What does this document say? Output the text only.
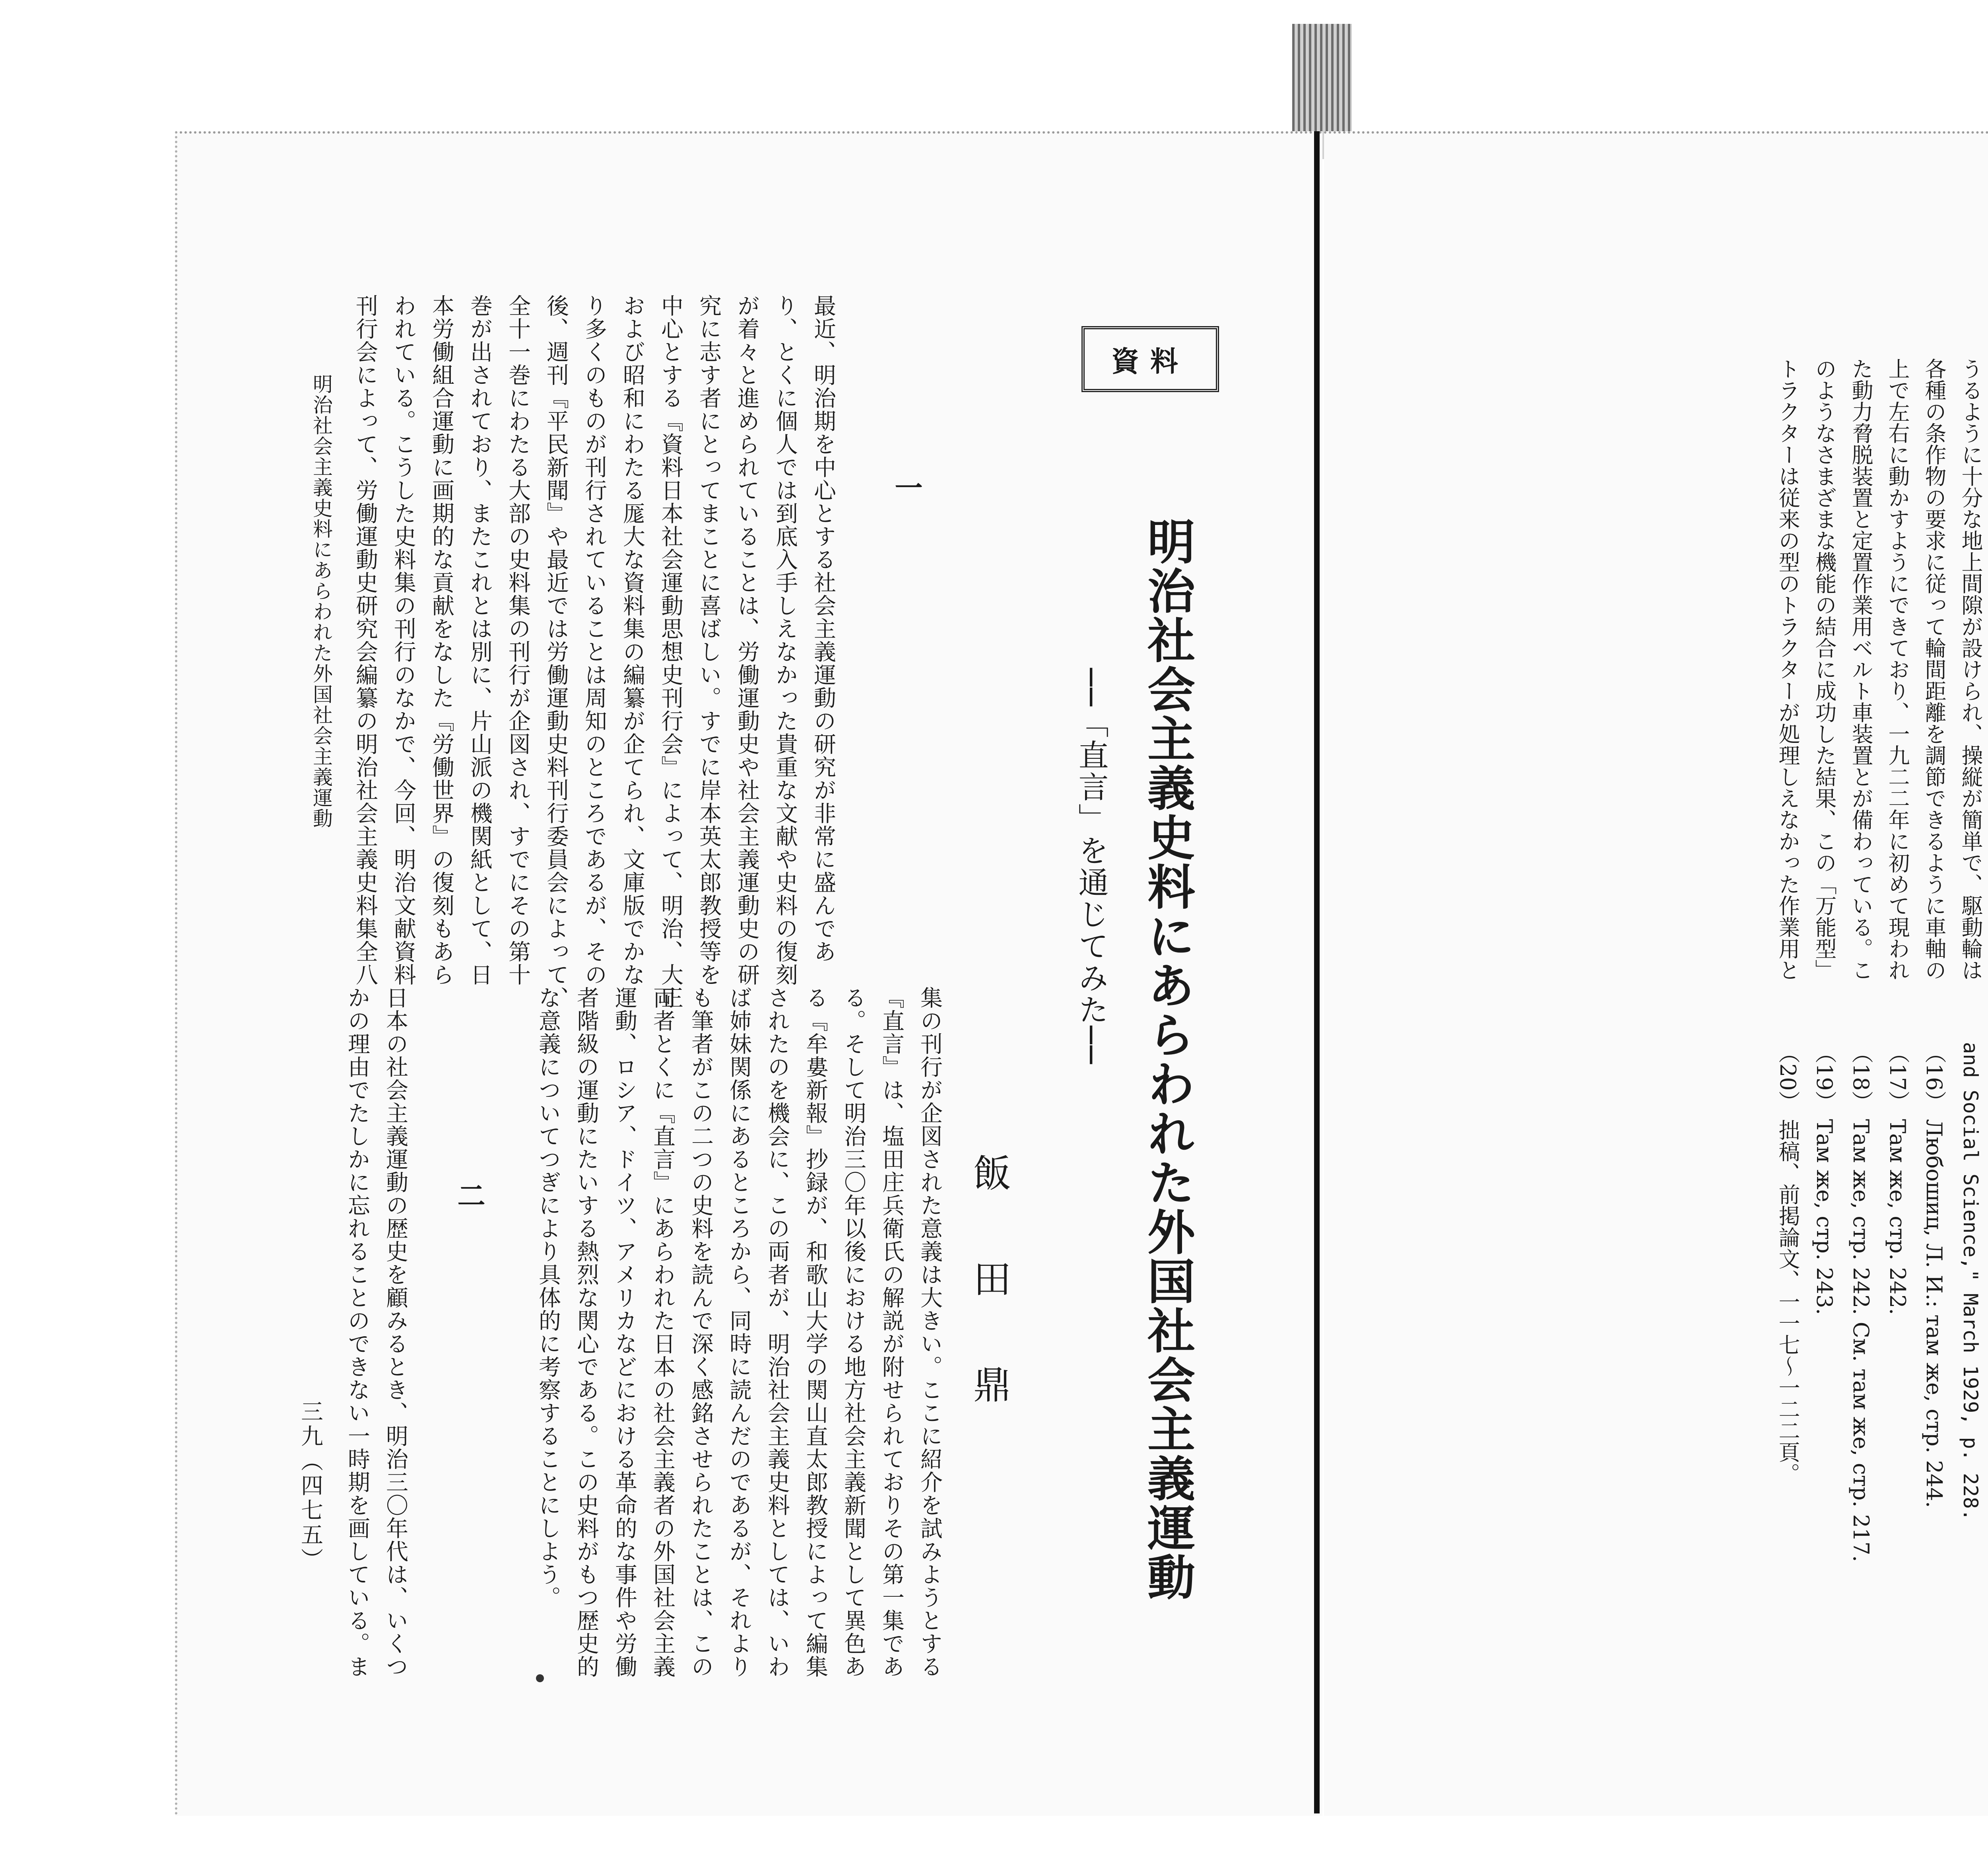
資料
明治社会主義史料にあらわれた外国社会主義運動
──「直言」を通じてみた──
飯田鼎
一

最近、明治期を中心とする社会主義運動の研究が非常に盛んであ

り、とくに個人では到底入手しえなかった貴重な文献や史料の復刻

が着々と進められていることは、労働運動史や社会主義運動史の研

究に志す者にとってまことに喜ばしい。すでに岸本英太郎教授等を

中心とする『資料日本社会運動思想史刊行会』によって、明治、大正

および昭和にわたる厖大な資料集の編纂が企てられ、文庫版でかな

り多くのものが刊行されていることは周知のところであるが、その

後、週刊『平民新聞』や最近では労働運動史料刊行委員会によって、

全十一巻にわたる大部の史料集の刊行が企図され、すでにその第十

巻が出されており、またこれとは別に、片山派の機関紙として、日

本労働組合運動に画期的な貢献をなした『労働世界』の復刻もあら

われている。こうした史料集の刊行のなかで、今回、明治文献資料

刊行会によって、労働運動史研究会編纂の明治社会主義史料集全八

明治社会主義史料にあらわれた外国社会主義運動

集の刊行が企図された意義は大きい。ここに紹介を試みようとする

『直言』は、塩田庄兵衛氏の解説が附せられておりその第一集であ

る。そして明治三〇年以後における地方社会主義新聞として異色あ

る『牟婁新報』抄録が、和歌山大学の関山直太郎教授によって編集

されたのを機会に、この両者が、明治社会主義史料としては、いわ

ば姉妹関係にあるところから、同時に読んだのであるが、それより

も筆者がこの二つの史料を読んで深く感銘させられたことは、この

両者とくに『直言』にあらわれた日本の社会主義者の外国社会主義

運動、ロシア、ドイツ、アメリカなどにおける革命的な事件や労働

者階級の運動にたいする熱烈な関心である。この史料がもつ歴史的

な意義についてつぎにより具体的に考察することにしよう。

二

日本の社会主義運動の歴史を顧みるとき、明治三〇年代は、いくつ

かの理由でたしかに忘れることのできない一時期を画している。ま

三九（四七五）

うるように十分な地上間隙が設けられ、操縦が簡単で、駆動輪は

各種の条作物の要求に従って輪間距離を調節できるように車軸の

上で左右に動かすようにできており、一九二二年に初めて現われ

た動力脅脱装置と定置作業用ベルト車装置とが備わっている。こ

のようなさまざまな機能の結合に成功した結果、この「万能型」

トラクターは従来の型のトラクターが処理しえなかった作業用と

and Social Science," March 1929, p. 228.

（16） Любошиц, Л. И.: там же, стр. 244.

（17） Там же, стр. 242.

（18） Там же, стр. 242. См. там же, стр. 217.

（19） Там же, стр. 243.

（20） 拙稿、前掲論文、一一七〜一二二頁。
